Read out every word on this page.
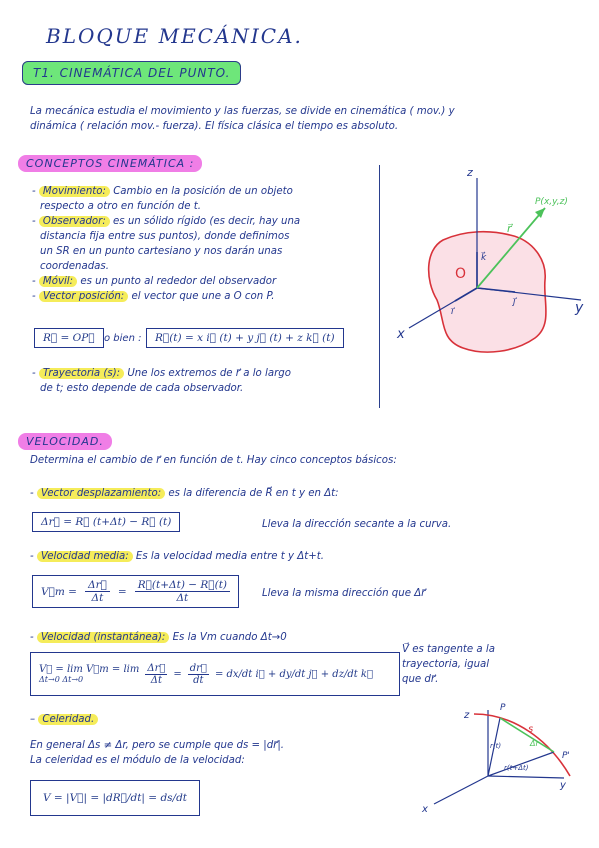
BLOQUE MECÁNICA.
T1. CINEMÁTICA DEL PUNTO.
La mecánica estudia el movimiento y las fuerzas, se divide en cinemática ( mov.) y
dinámica ( relación mov.- fuerza). El física clásica el tiempo es absoluto.
CONCEPTOS CINEMÁTICA :
- Movimiento: Cambio en la posición de un objeto
respecto a otro en función de t.
- Observador: es un sólido rígido (es decir, hay una
distancia fija entre sus puntos), donde definimos
un SR en un punto cartesiano y nos darán unas
coordenadas.
- Móvil: es un punto al rededor del observador
- Vector posición: el vector que une a O con P.
R⃗ = OP⃗ o bien :	R⃗(t) = x i⃗ (t) + y j⃗ (t) + z k⃗ (t)
- Trayectoria (s): Une los extremos de r⃗ a lo largo
de t; esto depende de cada observador.
z
y
x
O
P(x,y,z)
r⃗
i⃗
j⃗
k⃗
VELOCIDAD.
Determina el cambio de r⃗ en función de t. Hay cinco conceptos básicos:
- Vector desplazamiento: es la diferencia de R⃗ en t y en Δt:
Δr⃗ = R⃗ (t+Δt) − R⃗ (t)	Lleva la dirección secante a la curva.
- Velocidad media: Es la velocidad media entre t y Δt+t.
V⃗m = $\frac{\Delta r⃗}{\Delta t} = \frac{R⃗(t+\Delta t) - R⃗(t)}{\Delta t}$	Lleva la misma dirección que Δr⃗
- Velocidad (instantánea): Es la Vm cuando Δt→0
V⃗ = lim V⃗m = lim
Δt→0 Δt→0	$\frac{\Delta r⃗}{\Delta t} = \frac{dr⃗}{dt} = dx/dt$ i⃗ + dy/dt j⃗ + dz/dt k⃗
V⃗ es tangente a la
trayectoria, igual
que dr⃗.
– Celeridad.
En general Δs ≠ Δr, pero se cumple que ds = |dr⃗|.
La celeridad es el módulo de la velocidad:
V = |V⃗| = |dR⃗/dt| = ds/dt
z
y
x
P
P'
s
r(t)
r(t+Δt)
Δr
